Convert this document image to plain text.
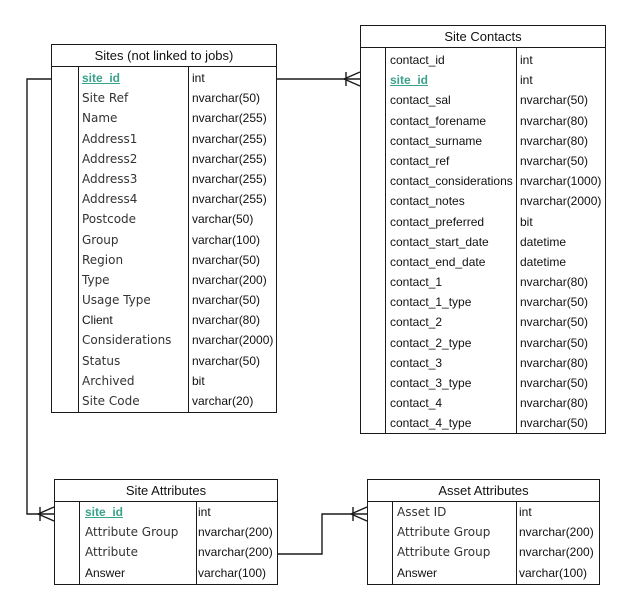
Sites (not linked to jobs)
site_id	int
Site Ref	nvarchar(50)
Name	nvarchar(255)
Address1	nvarchar(255)
Address2	nvarchar(255)
Address3	nvarchar(255)
Address4	nvarchar(255)
Postcode	varchar(50)
Group	varchar(100)
Region	nvarchar(50)
Type	nvarchar(200)
Usage Type	nvarchar(50)
Client	nvarchar(80)
Considerations nvarchar(2000)
Status	nvarchar(50)
Archived	bit
Site Code	varchar(20)
Site Contacts
contact_id	int
site_id	int
contact_sal	nvarchar(50)
contact_forename	nvarchar(80)
contact_surname	nvarchar(80)
contact_ref	nvarchar(50)
contact_considerations nvarchar(1000)
contact_notes	nvarchar(2000)
contact_preferred	bit
contact_start_date	datetime
contact_end_date	datetime
contact_1	nvarchar(80)
contact_1_type	nvarchar(50)
contact_2	nvarchar(50)
contact_2_type	nvarchar(50)
contact_3	nvarchar(80)
contact_3_type	nvarchar(50)
contact_4	nvarchar(80)
contact_4_type	nvarchar(50)
Site Attributes
site_id	int
Attribute Group nvarchar(200)
Attribute	nvarchar(200)
Answer	varchar(100)
Asset Attributes
Asset ID	int
Attribute Group nvarchar(200)
Attribute Group nvarchar(200)
Answer	varchar(100)
